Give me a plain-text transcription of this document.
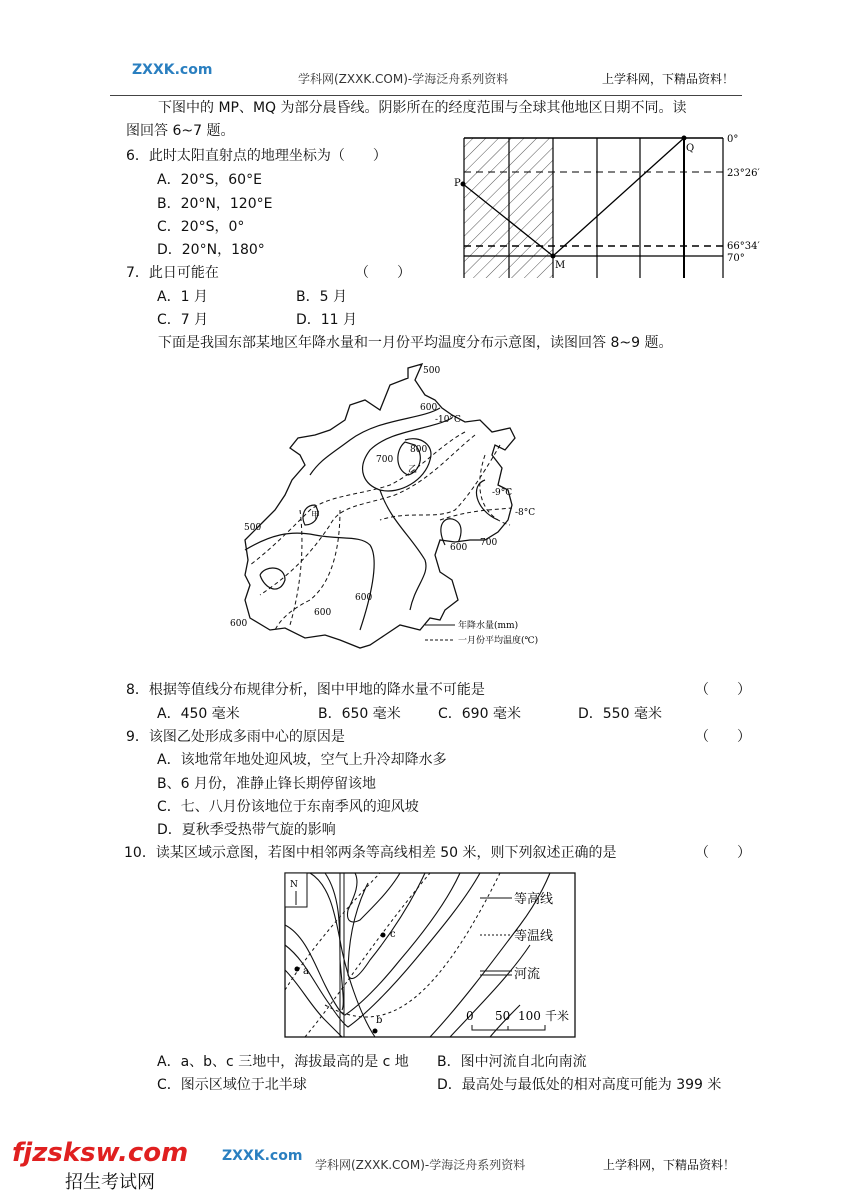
ZXXK.com
学科网(ZXXK.COM)-学海泛舟系列资料	上学科网，下精品资料！
下图中的 MP、MQ 为部分晨昏线。阴影所在的经度范围与全球其他地区日期不同。读
图回答 6~7 题。
P
Q
M
0°
23°26′
66°34′
70°
6．此时太阳直射点的地理坐标为（　　）
A．20°S，60°E
B．20°N，120°E
C．20°S，0°
D．20°N，180°
7．此日可能在	（　　）
A．1 月	B．5 月
C．7 月	D．11 月
下面是我国东部某地区年降水量和一月份平均温度分布示意图，读图回答 8~9 题。
500
600
-10°C
700
800
乙
甲
-9°C
-8°C
500
600 700
600
600
600
年降水量(mm)
一月份平均温度(℃)
8．根据等值线分布规律分析，图中甲地的降水量不可能是	（　　）
A．450 毫米	B．650 毫米	C．690 毫米	D．550 毫米
9．该图乙处形成多雨中心的原因是	（　　）
A．该地常年地处迎风坡，空气上升冷却降水多
B、6 月份，准静止锋长期停留该地
C．七、八月份该地位于东南季风的迎风坡
D．夏秋季受热带气旋的影响
10．读某区域示意图，若图中相邻两条等高线相差 50 米，则下列叙述正确的是	（　　）
N
a
b
c
等高线
等温线
河流
0 50 100 千米
A．a、b、c 三地中，海拔最高的是 c 地 B．图中河流自北向南流
C．图示区域位于北半球	D．最高处与最低处的相对高度可能为 399 米
fjzsksw.com ZXXK.com
招生考试网
学科网(ZXXK.COM)-学海泛舟系列资料	上学科网，下精品资料！
